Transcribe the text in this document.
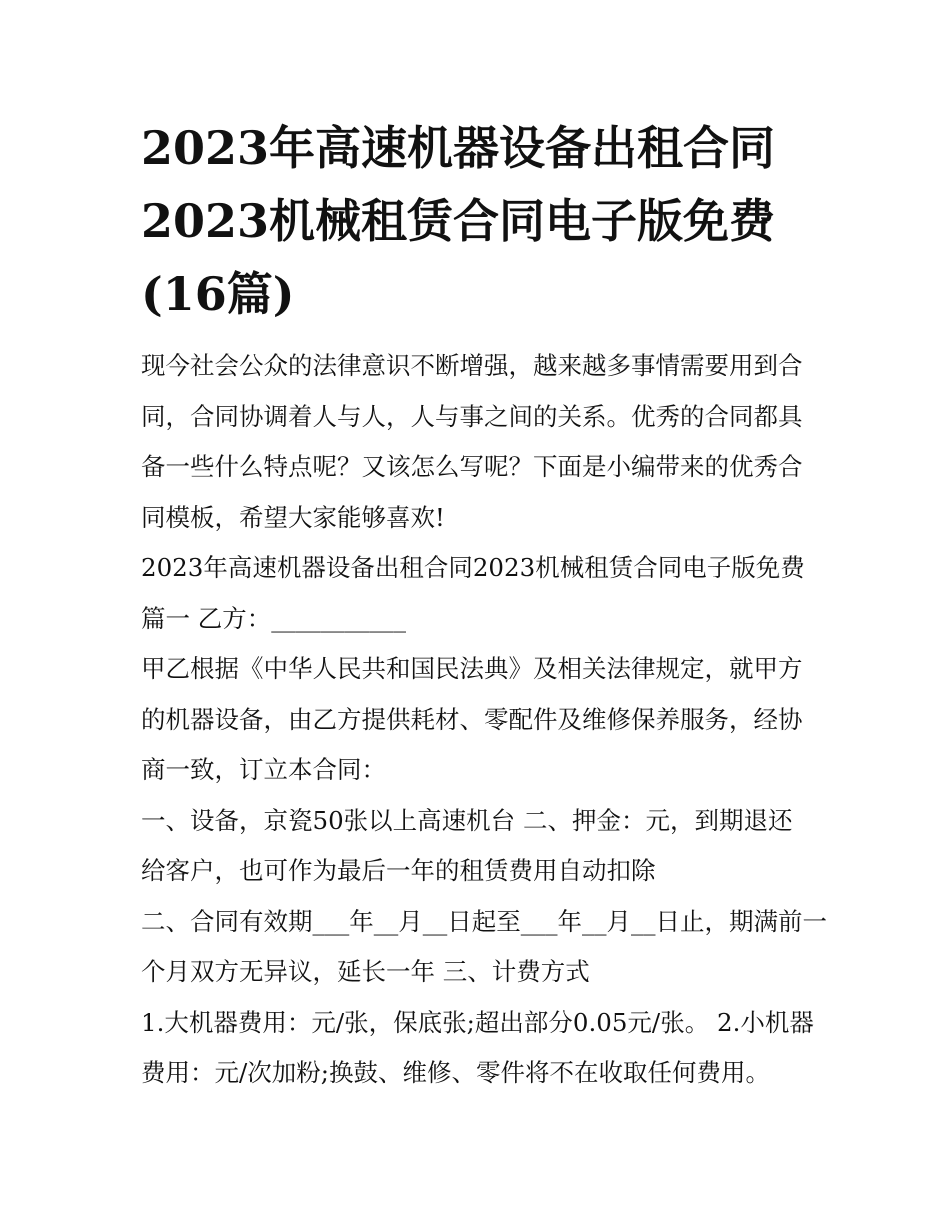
2023年高速机器设备出租合同
2023机械租赁合同电子版免费
(16篇)

现今社会公众的法律意识不断增强，越来越多事情需要用到合
同，合同协调着人与人，人与事之间的关系。优秀的合同都具
备一些什么特点呢？又该怎么写呢？下面是小编带来的优秀合
同模板，希望大家能够喜欢!

2023年高速机器设备出租合同2023机械租赁合同电子版免费
篇一 乙方：___________

甲乙根据《中华人民共和国民法典》及相关法律规定，就甲方
的机器设备，由乙方提供耗材、零配件及维修保养服务，经协
商一致，订立本合同：

一、设备，京瓷50张以上高速机台 二、押金：元，到期退还
给客户，也可作为最后一年的租赁费用自动扣除

二、合同有效期___年__月__日起至___年__月__日止，期满前一
个月双方无异议，延长一年 三、计费方式

1.大机器费用：元/张，保底张;超出部分0.05元/张。 2.小机器
费用：元/次加粉;换鼓、维修、零件将不在收取任何费用。
